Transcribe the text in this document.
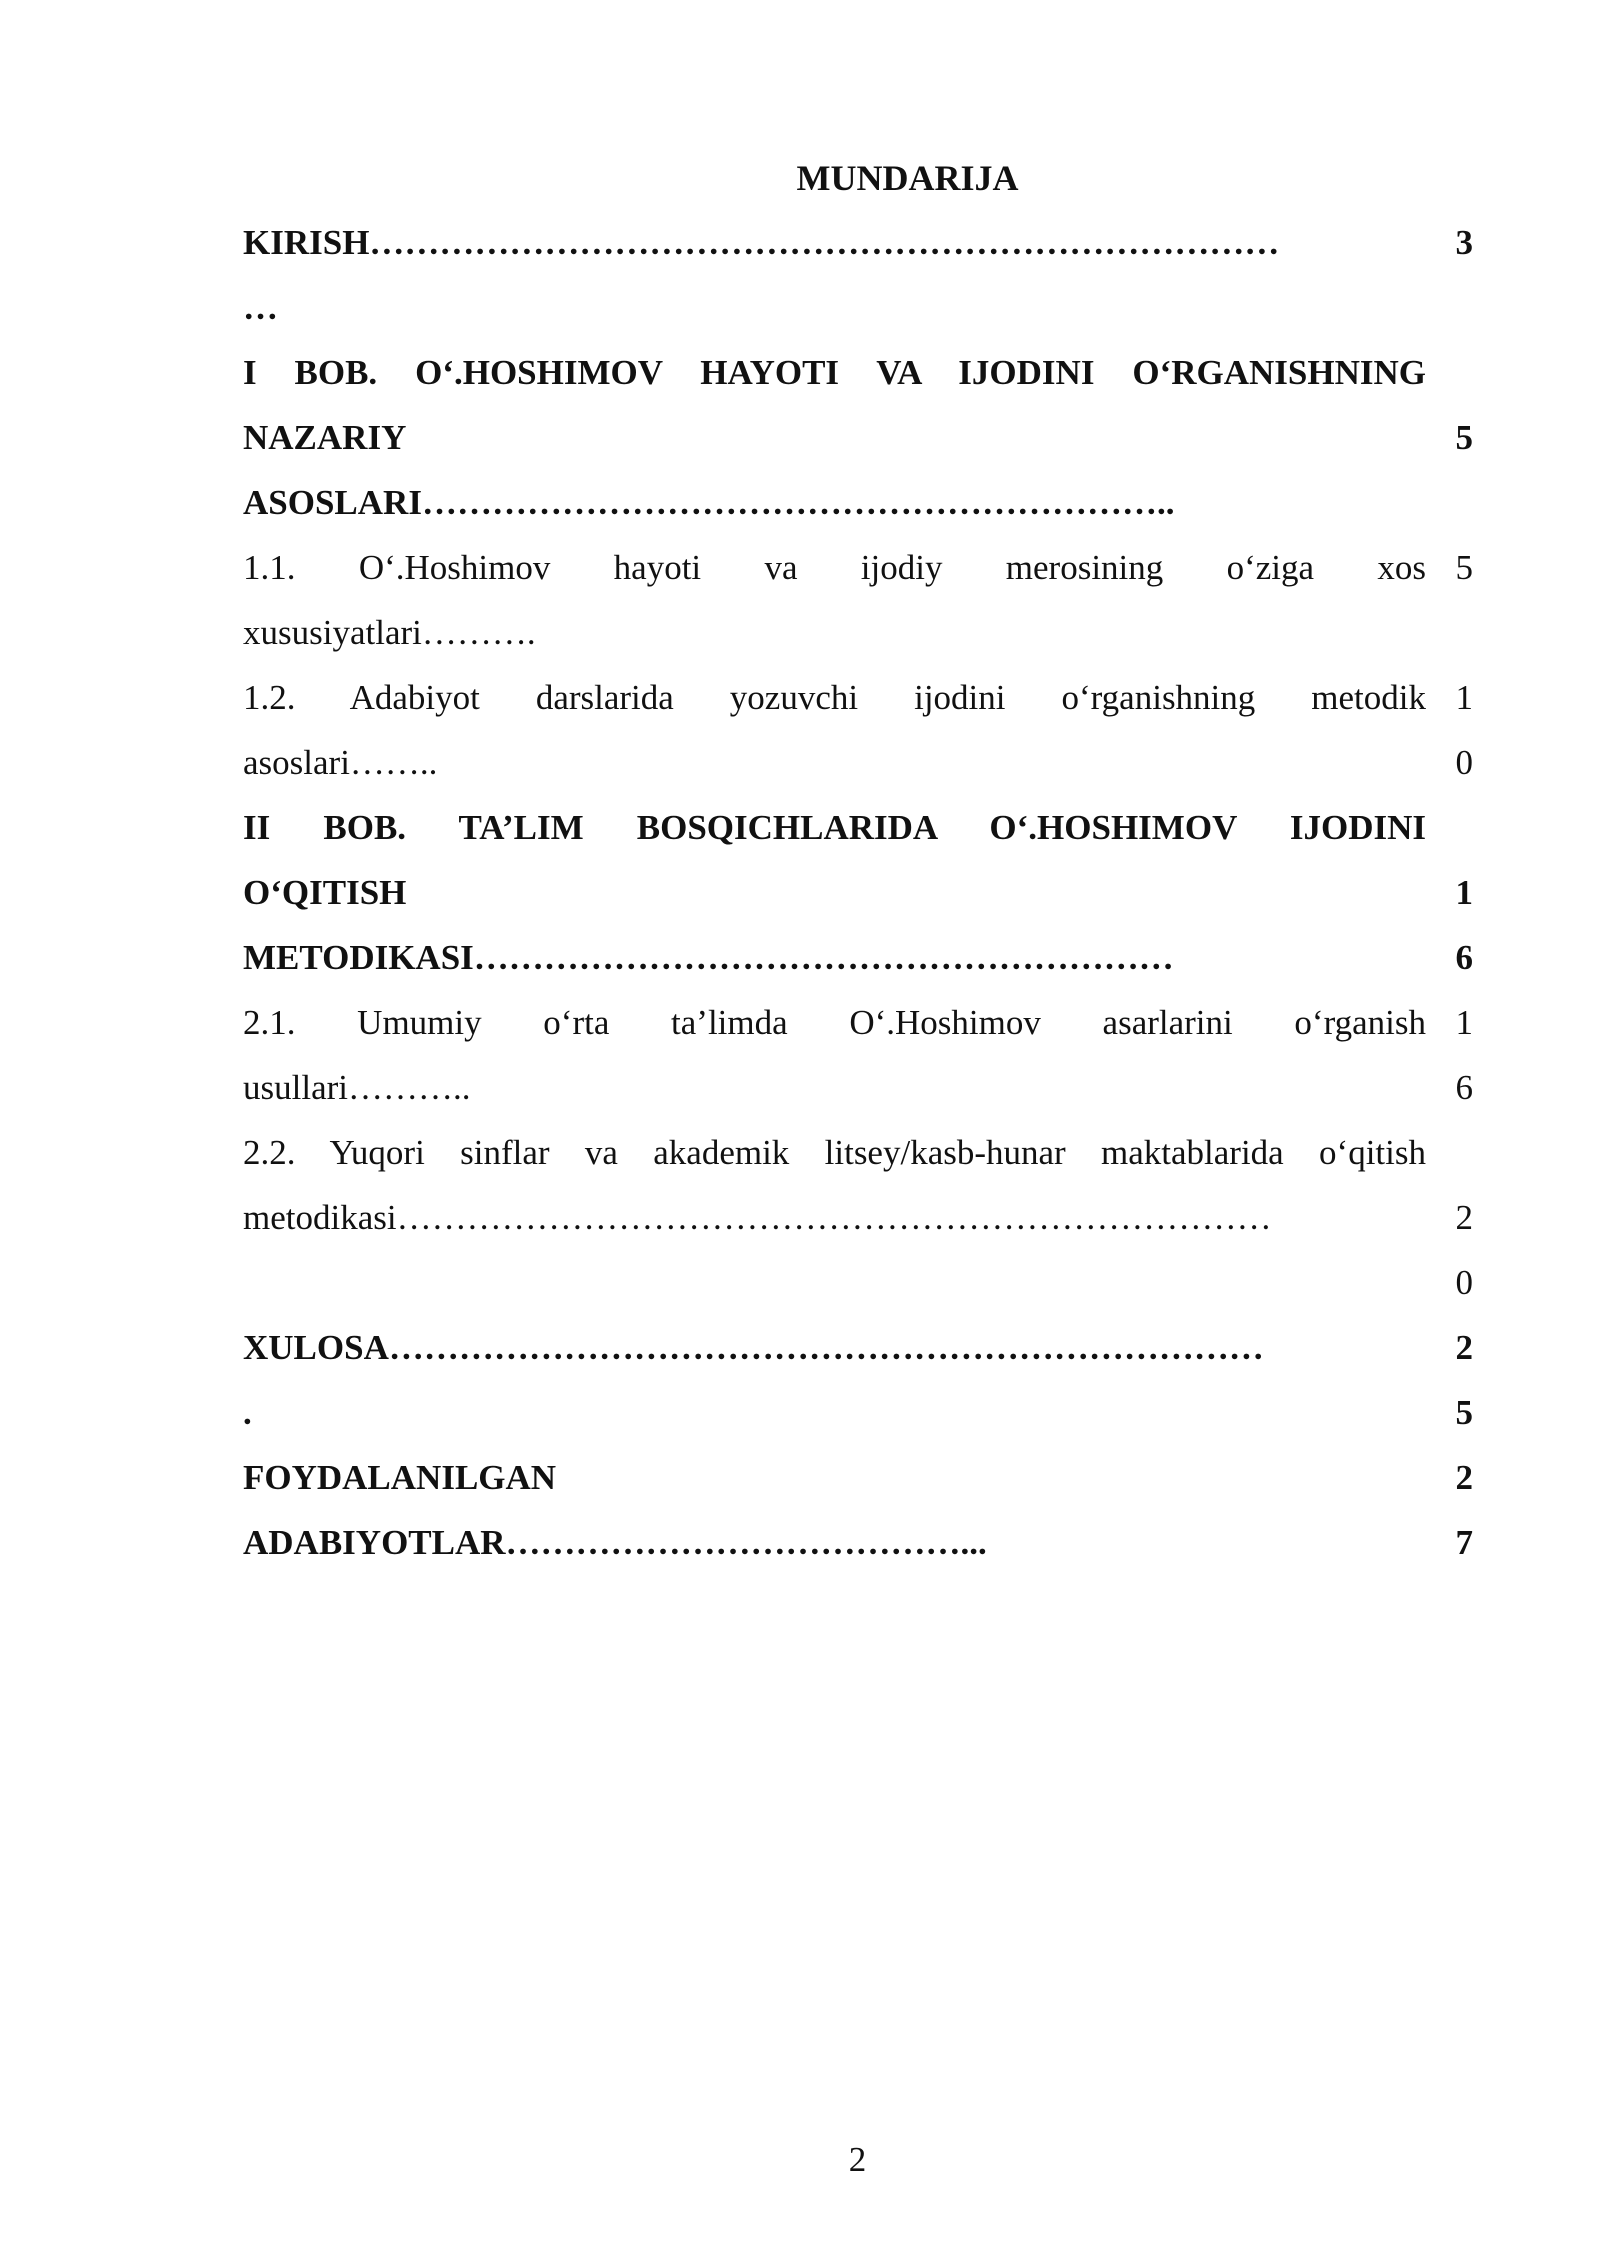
MUNDARIJA
KIRISH……………………………………………………………………
…
3
I BOB. O‘.HOSHIMOV HAYOTI VA IJODINI O‘RGANISHNING
NAZARIY
ASOSLARI………………………………………………………..

5
1.1. O‘.Hoshimov hayoti va ijodiy merosining o‘ziga xos
xususiyatlari……….
5
1.2. Adabiyot darslarida yozuvchi ijodini o‘rganishning metodik
asoslari……..
1
0
II BOB. TA’LIM BOSQICHLARIDA O‘.HOSHIMOV IJODINI
O‘QITISH
METODIKASI……………………………………………………

1
6
2.1. Umumiy o‘rta ta’limda O‘.Hoshimov asarlarini o‘rganish
usullari………..
1
6
2.2. Yuqori sinflar va akademik litsey/kasb-hunar maktablarida o‘qitish
metodikasi…………………………………………………………………	
2
0
XULOSA…………………………………………………………………
.
2
5
FOYDALANILGAN
ADABIYOTLAR…………………………………...
2
7
2
